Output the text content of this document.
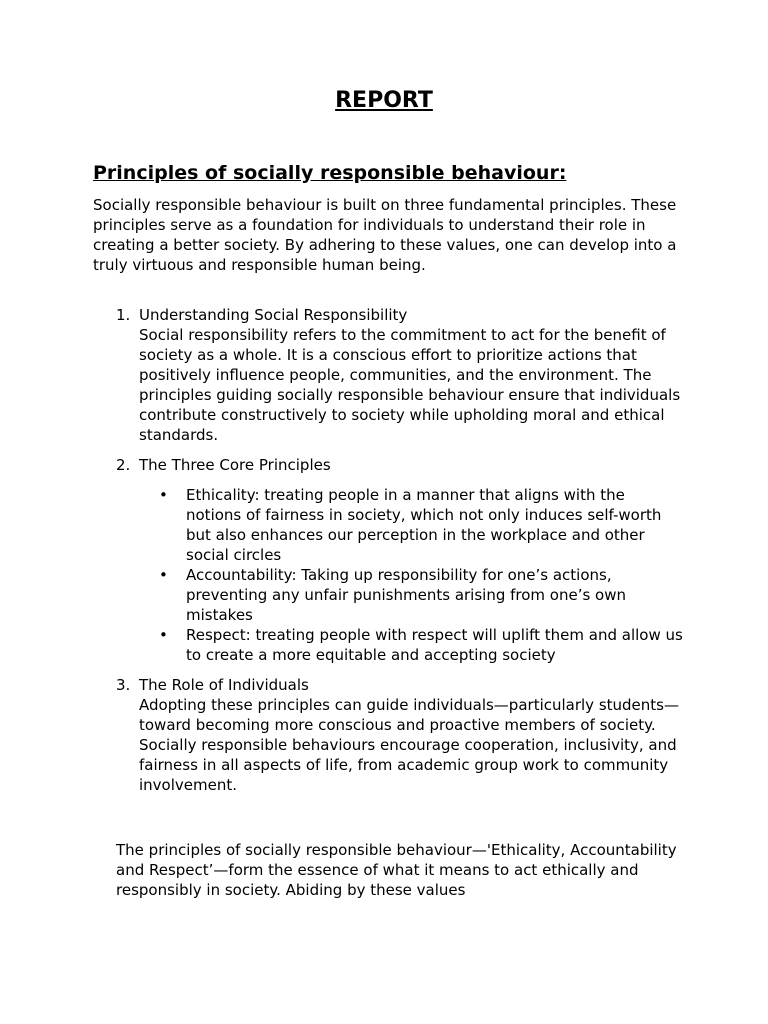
REPORT
Principles of socially responsible behaviour:

Socially responsible behaviour is built on three fundamental principles. These principles serve as a foundation for individuals to understand their role in creating a better society. By adhering to these values, one can develop into a truly virtuous and responsible human being.

1. Understanding Social Responsibility
Social responsibility refers to the commitment to act for the benefit of society as a whole. It is a conscious effort to prioritize actions that positively influence people, communities, and the environment. The principles guiding socially responsible behaviour ensure that individuals contribute constructively to society while upholding moral and ethical standards.
2. The Three Core Principles
• Ethicality: treating people in a manner that aligns with the notions of fairness in society, which not only induces self-worth but also enhances our perception in the workplace and other social circles
• Accountability: Taking up responsibility for one’s actions, preventing any unfair punishments arising from one’s own mistakes
• Respect: treating people with respect will uplift them and allow us to create a more equitable and accepting society
3. The Role of Individuals
Adopting these principles can guide individuals—particularly students—toward becoming more conscious and proactive members of society. Socially responsible behaviours encourage cooperation, inclusivity, and fairness in all aspects of life, from academic group work to community involvement.

The principles of socially responsible behaviour—'Ethicality, Accountability and Respect’—form the essence of what it means to act ethically and responsibly in society. Abiding by these values
